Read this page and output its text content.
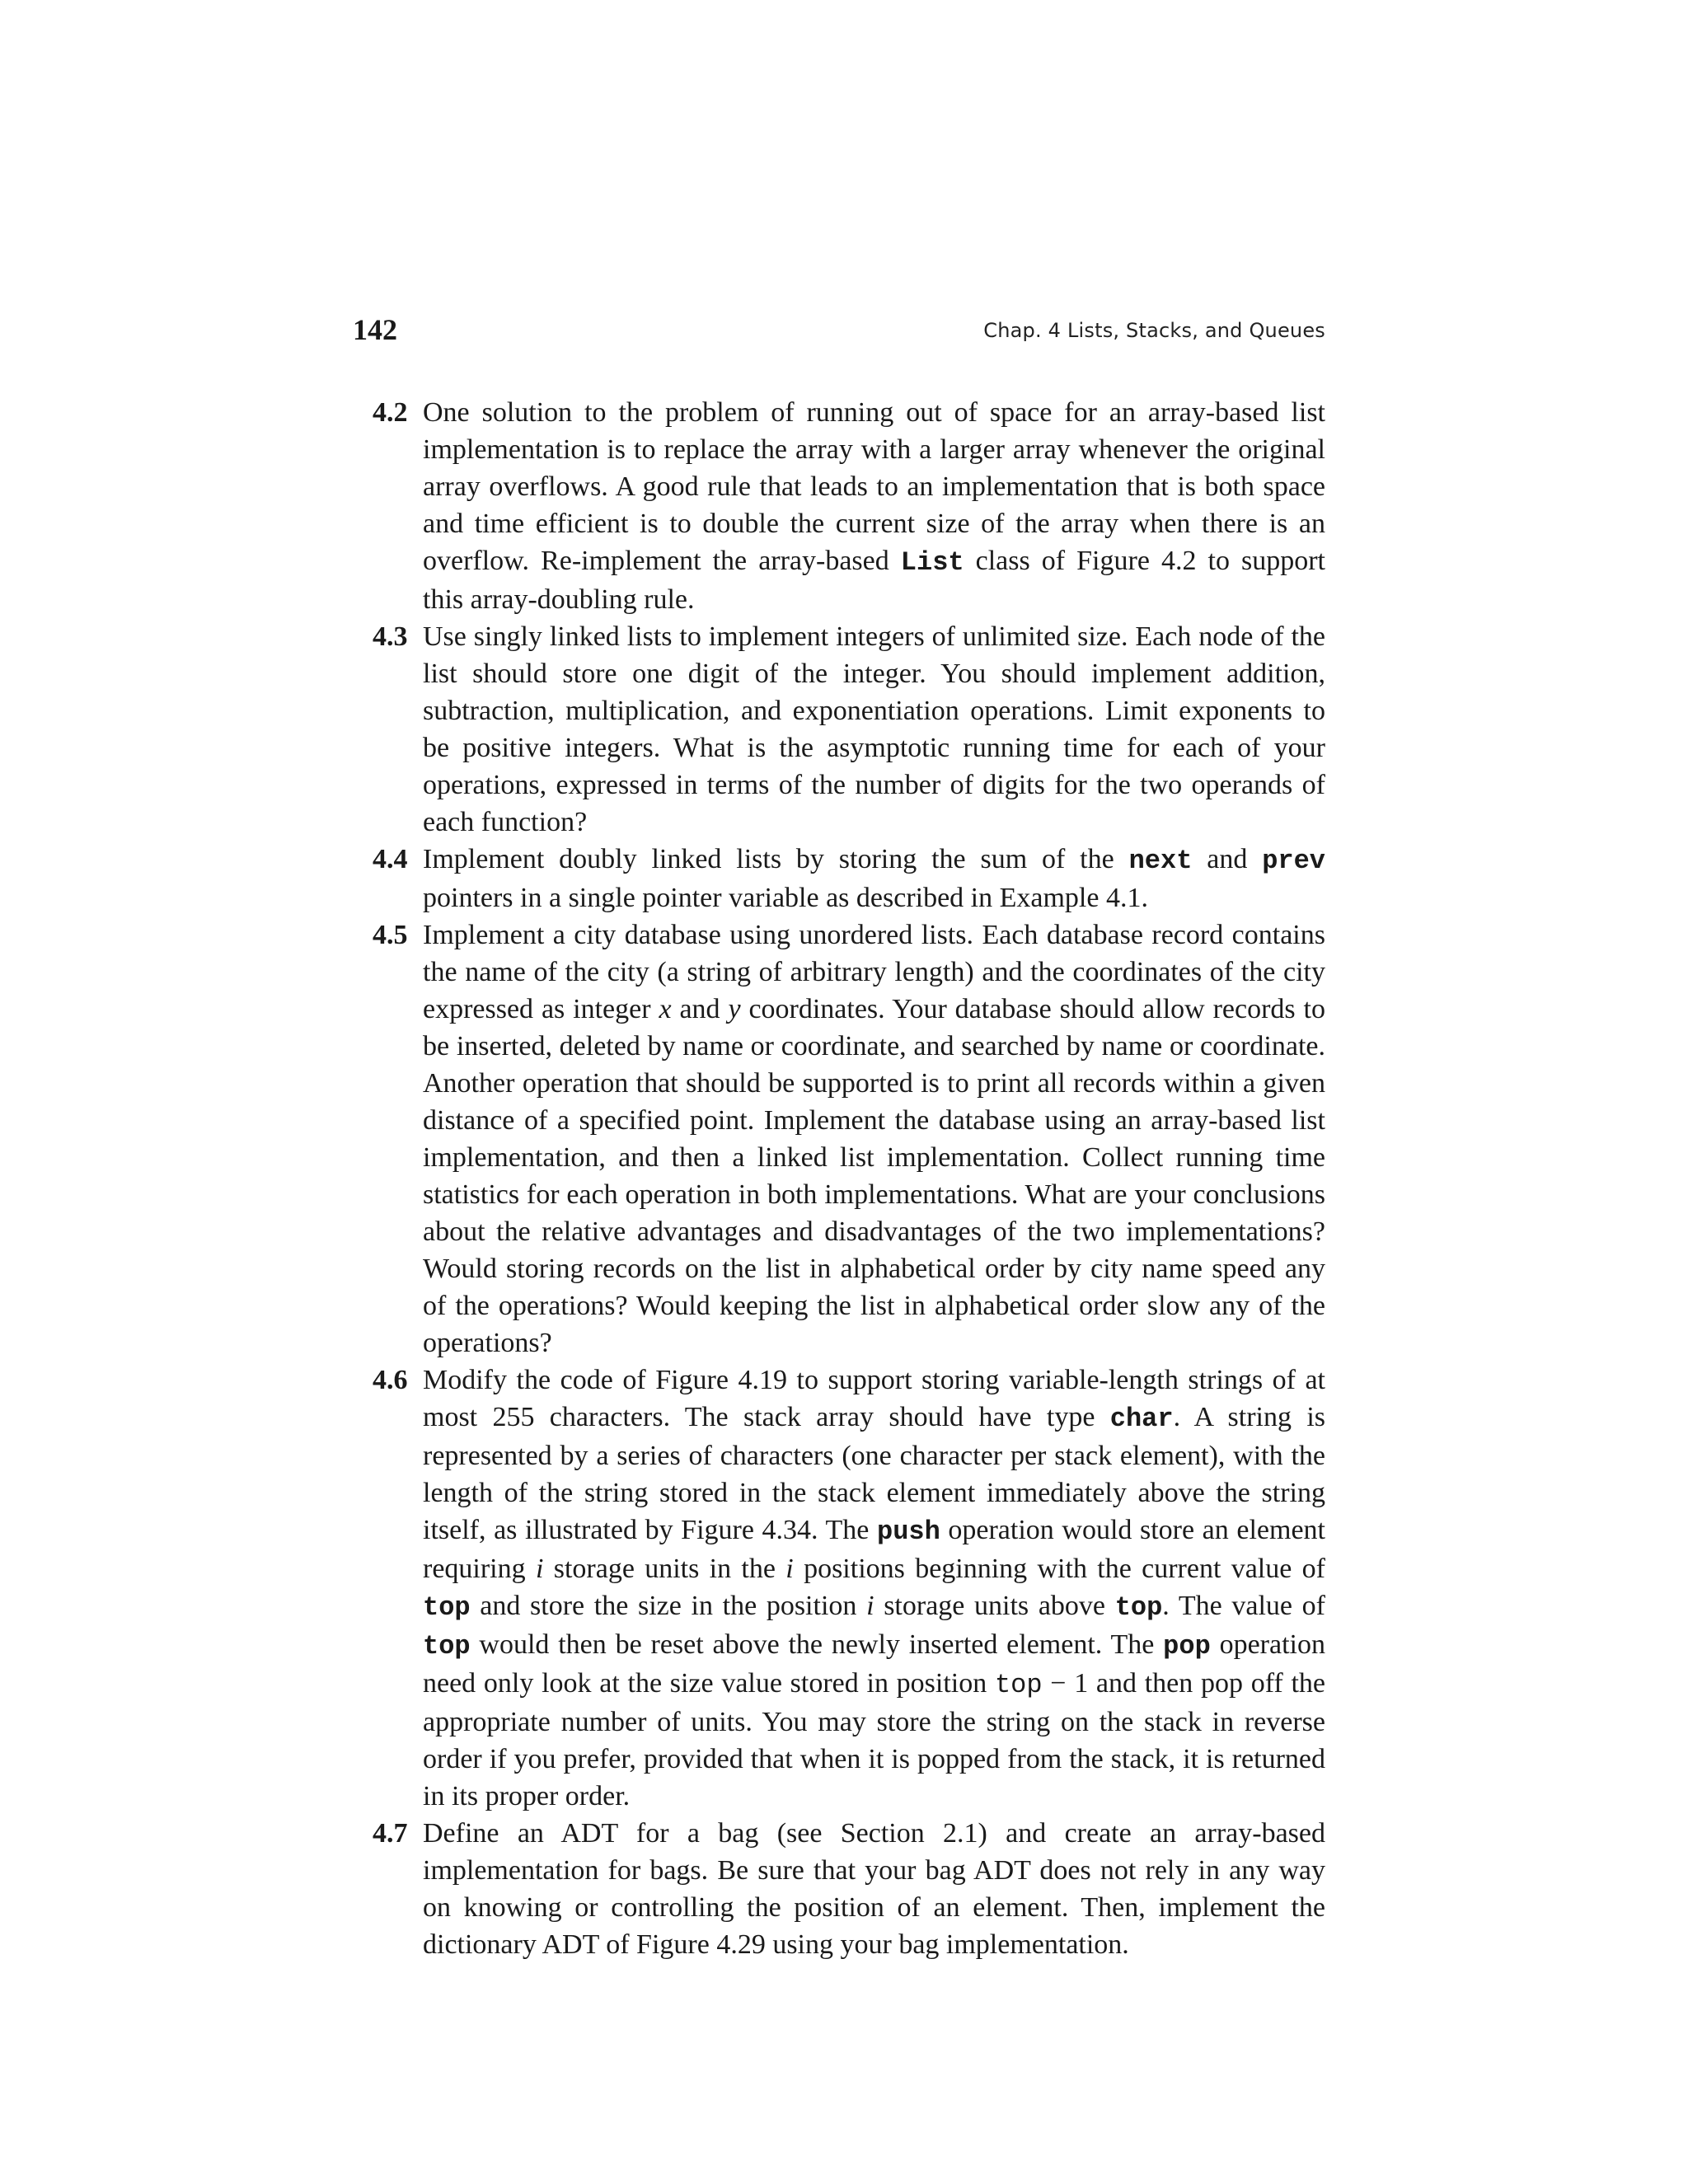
142	Chap. 4 Lists, Stacks, and Queues
4.2 One solution to the problem of running out of space for an array-based list implementation is to replace the array with a larger array whenever the original array overflows. A good rule that leads to an implementation that is both space and time efficient is to double the current size of the array when there is an overflow. Re-implement the array-based List class of Figure 4.2 to support this array-doubling rule.
4.3 Use singly linked lists to implement integers of unlimited size. Each node of the list should store one digit of the integer. You should implement addition, subtraction, multiplication, and exponentiation operations. Limit exponents to be positive integers. What is the asymptotic running time for each of your operations, expressed in terms of the number of digits for the two operands of each function?
4.4 Implement doubly linked lists by storing the sum of the next and prev pointers in a single pointer variable as described in Example 4.1.
4.5 Implement a city database using unordered lists. Each database record contains the name of the city (a string of arbitrary length) and the coordinates of the city expressed as integer x and y coordinates. Your database should allow records to be inserted, deleted by name or coordinate, and searched by name or coordinate. Another operation that should be supported is to print all records within a given distance of a specified point. Implement the database using an array-based list implementation, and then a linked list implementation. Collect running time statistics for each operation in both implementations. What are your conclusions about the relative advantages and disadvantages of the two implementations? Would storing records on the list in alphabetical order by city name speed any of the operations? Would keeping the list in alphabetical order slow any of the operations?
4.6 Modify the code of Figure 4.19 to support storing variable-length strings of at most 255 characters. The stack array should have type char. A string is represented by a series of characters (one character per stack element), with the length of the string stored in the stack element immediately above the string itself, as illustrated by Figure 4.34. The push operation would store an element requiring i storage units in the i positions beginning with the current value of top and store the size in the position i storage units above top. The value of top would then be reset above the newly inserted element. The pop operation need only look at the size value stored in position top − 1 and then pop off the appropriate number of units. You may store the string on the stack in reverse order if you prefer, provided that when it is popped from the stack, it is returned in its proper order.
4.7 Define an ADT for a bag (see Section 2.1) and create an array-based implementation for bags. Be sure that your bag ADT does not rely in any way on knowing or controlling the position of an element. Then, implement the dictionary ADT of Figure 4.29 using your bag implementation.
